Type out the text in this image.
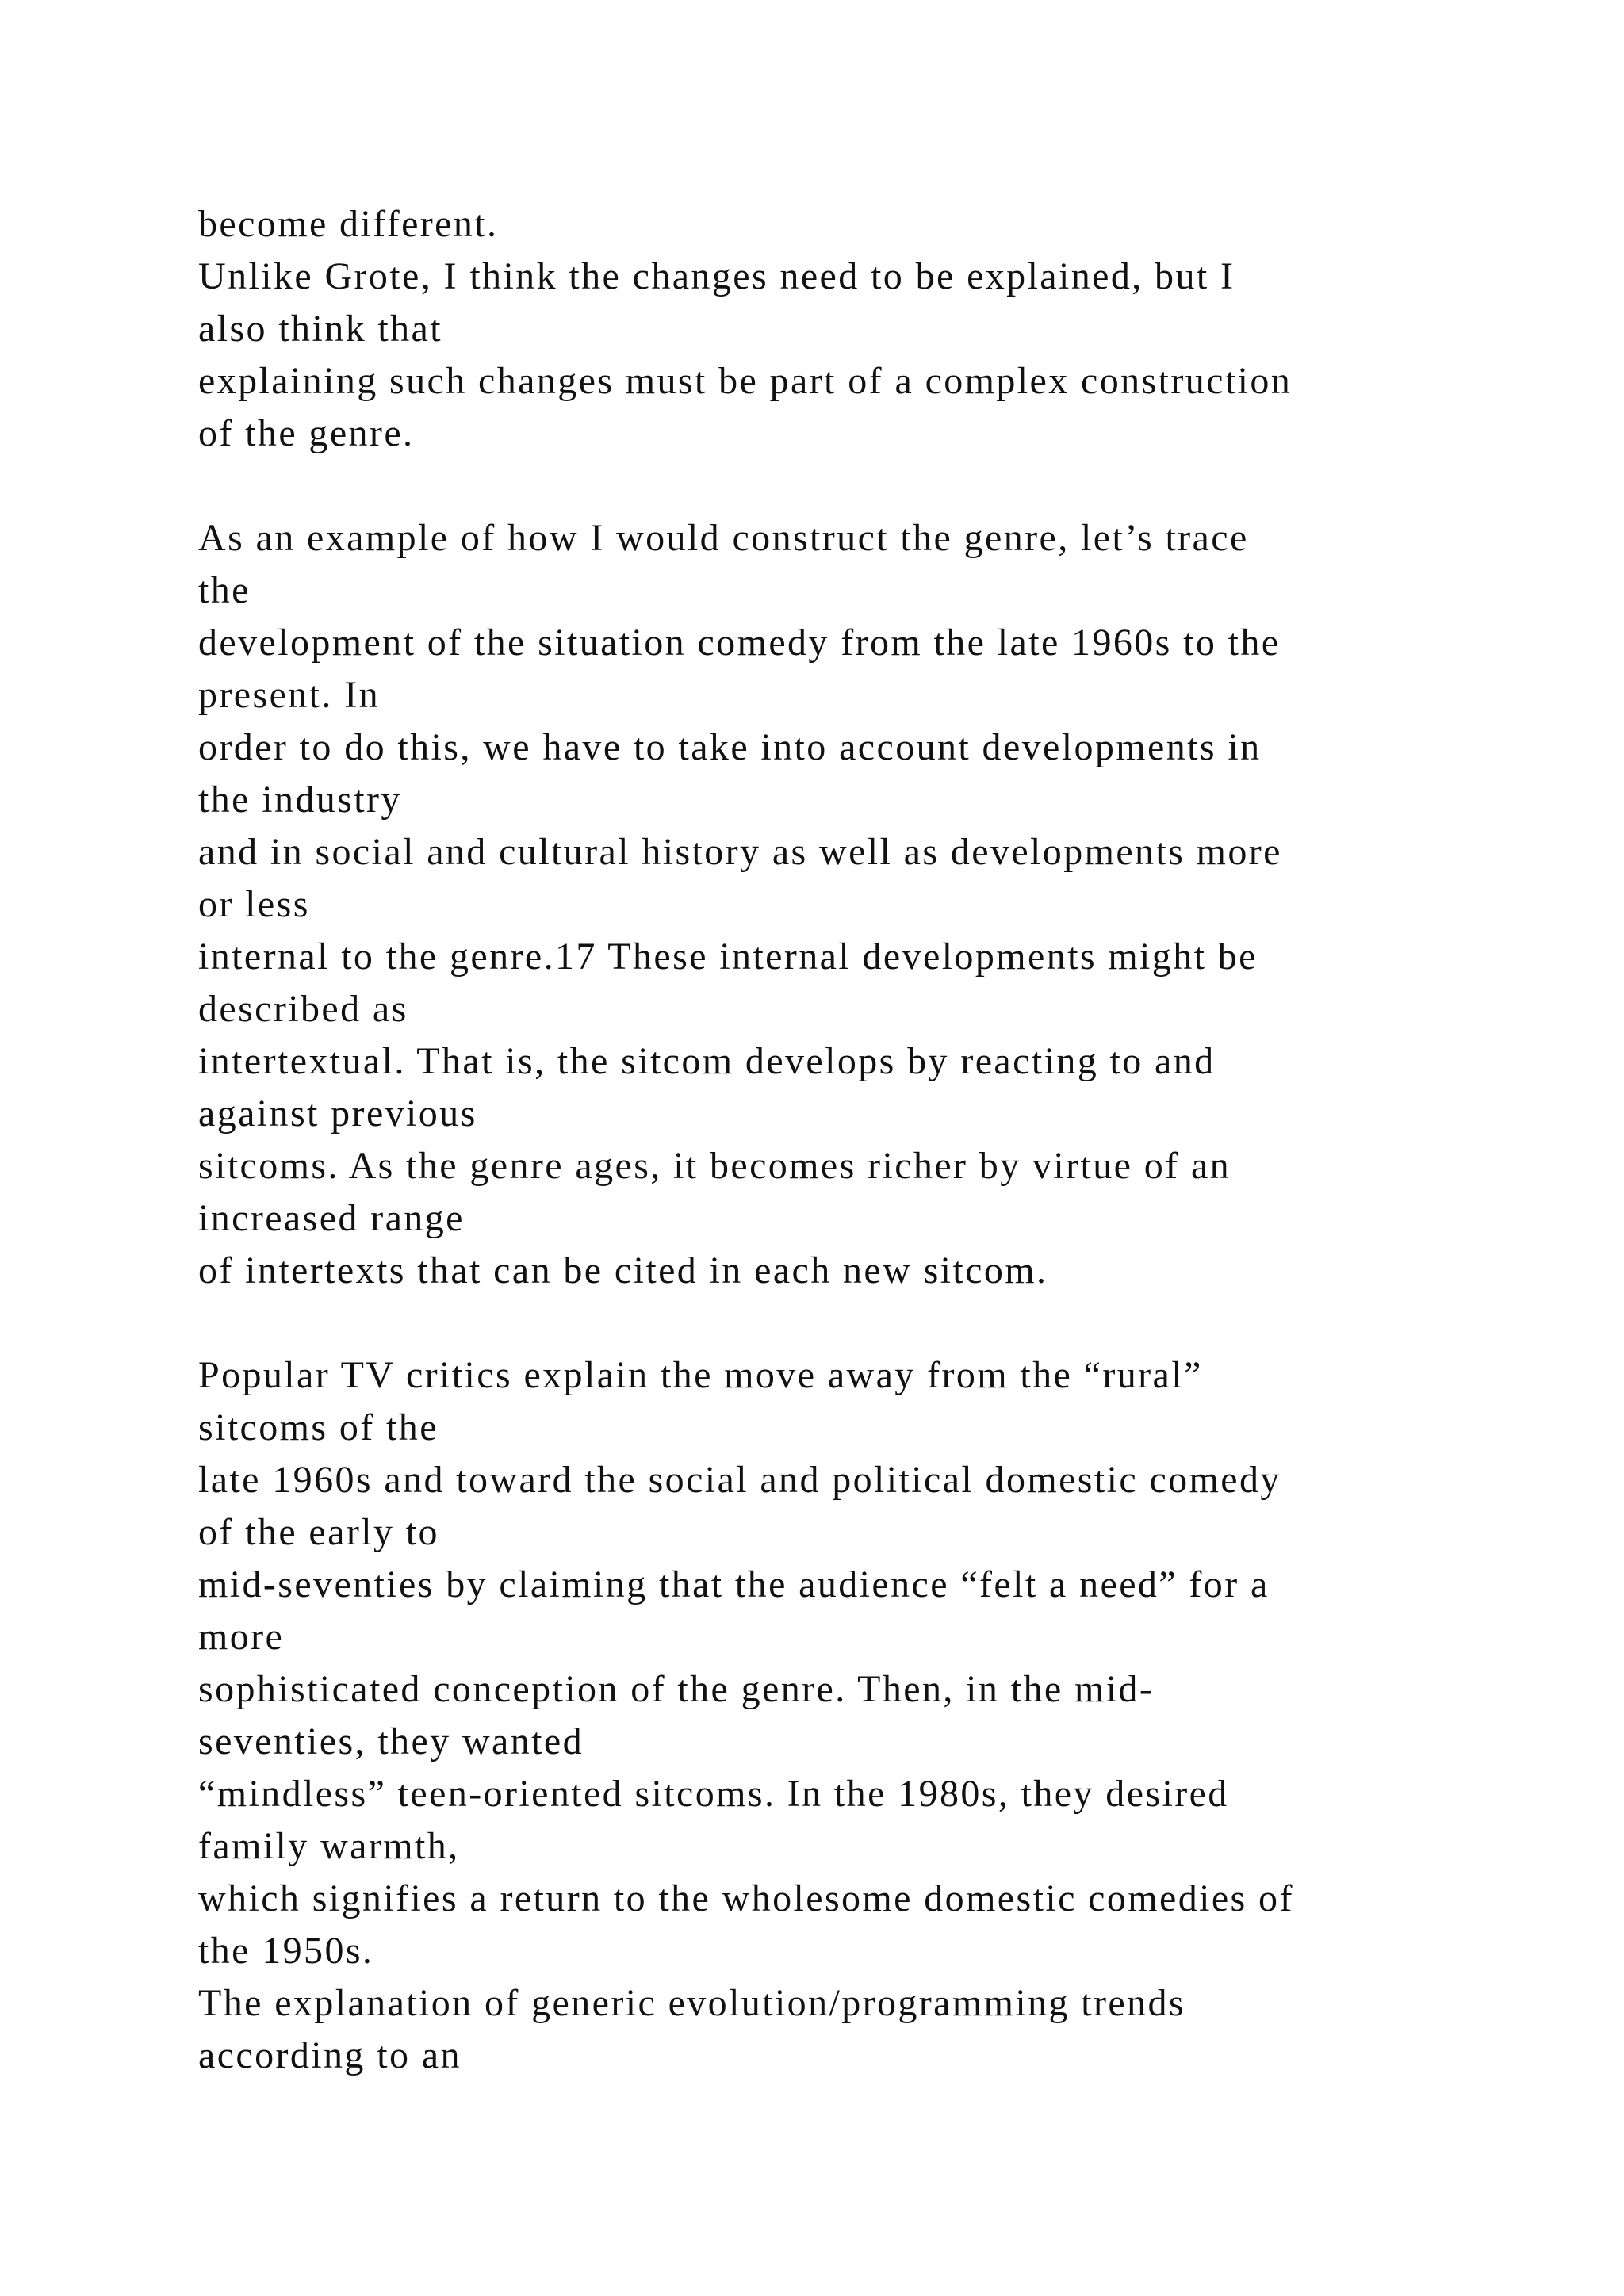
become different.
Unlike Grote, I think the changes need to be explained, but I
also think that
explaining such changes must be part of a complex construction
of the genre.
As an example of how I would construct the genre, let’s trace
the
development of the situation comedy from the late 1960s to the
present. In
order to do this, we have to take into account developments in
the industry
and in social and cultural history as well as developments more
or less
internal to the genre.17 These internal developments might be
described as
intertextual. That is, the sitcom develops by reacting to and
against previous
sitcoms. As the genre ages, it becomes richer by virtue of an
increased range
of intertexts that can be cited in each new sitcom.
Popular TV critics explain the move away from the “rural”
sitcoms of the
late 1960s and toward the social and political domestic comedy
of the early to
mid-seventies by claiming that the audience “felt a need” for a
more
sophisticated conception of the genre. Then, in the mid-
seventies, they wanted
“mindless” teen-oriented sitcoms. In the 1980s, they desired
family warmth,
which signifies a return to the wholesome domestic comedies of
the 1950s.
The explanation of generic evolution/programming trends
according to an
